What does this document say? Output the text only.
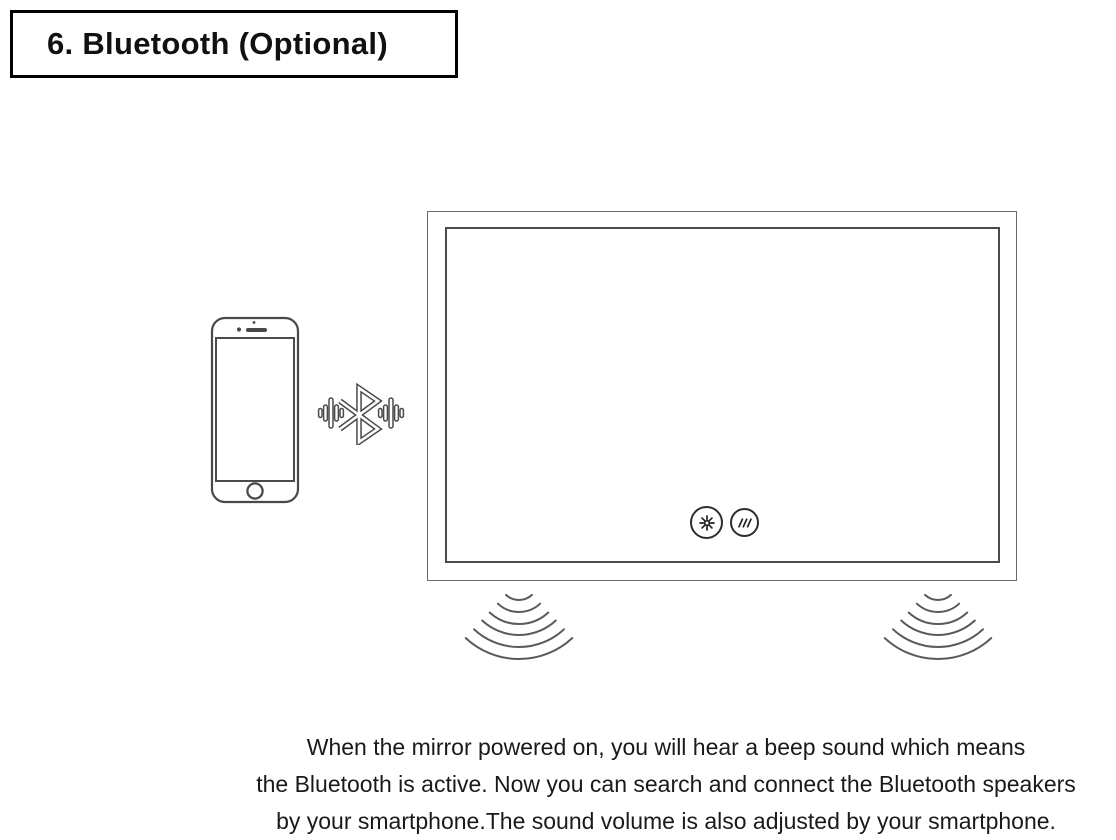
6. Bluetooth (Optional)
When the mirror powered on, you will hear a beep sound which means
the Bluetooth is active. Now you can search and connect the Bluetooth speakers
by your smartphone.The sound volume is also adjusted by your smartphone.
